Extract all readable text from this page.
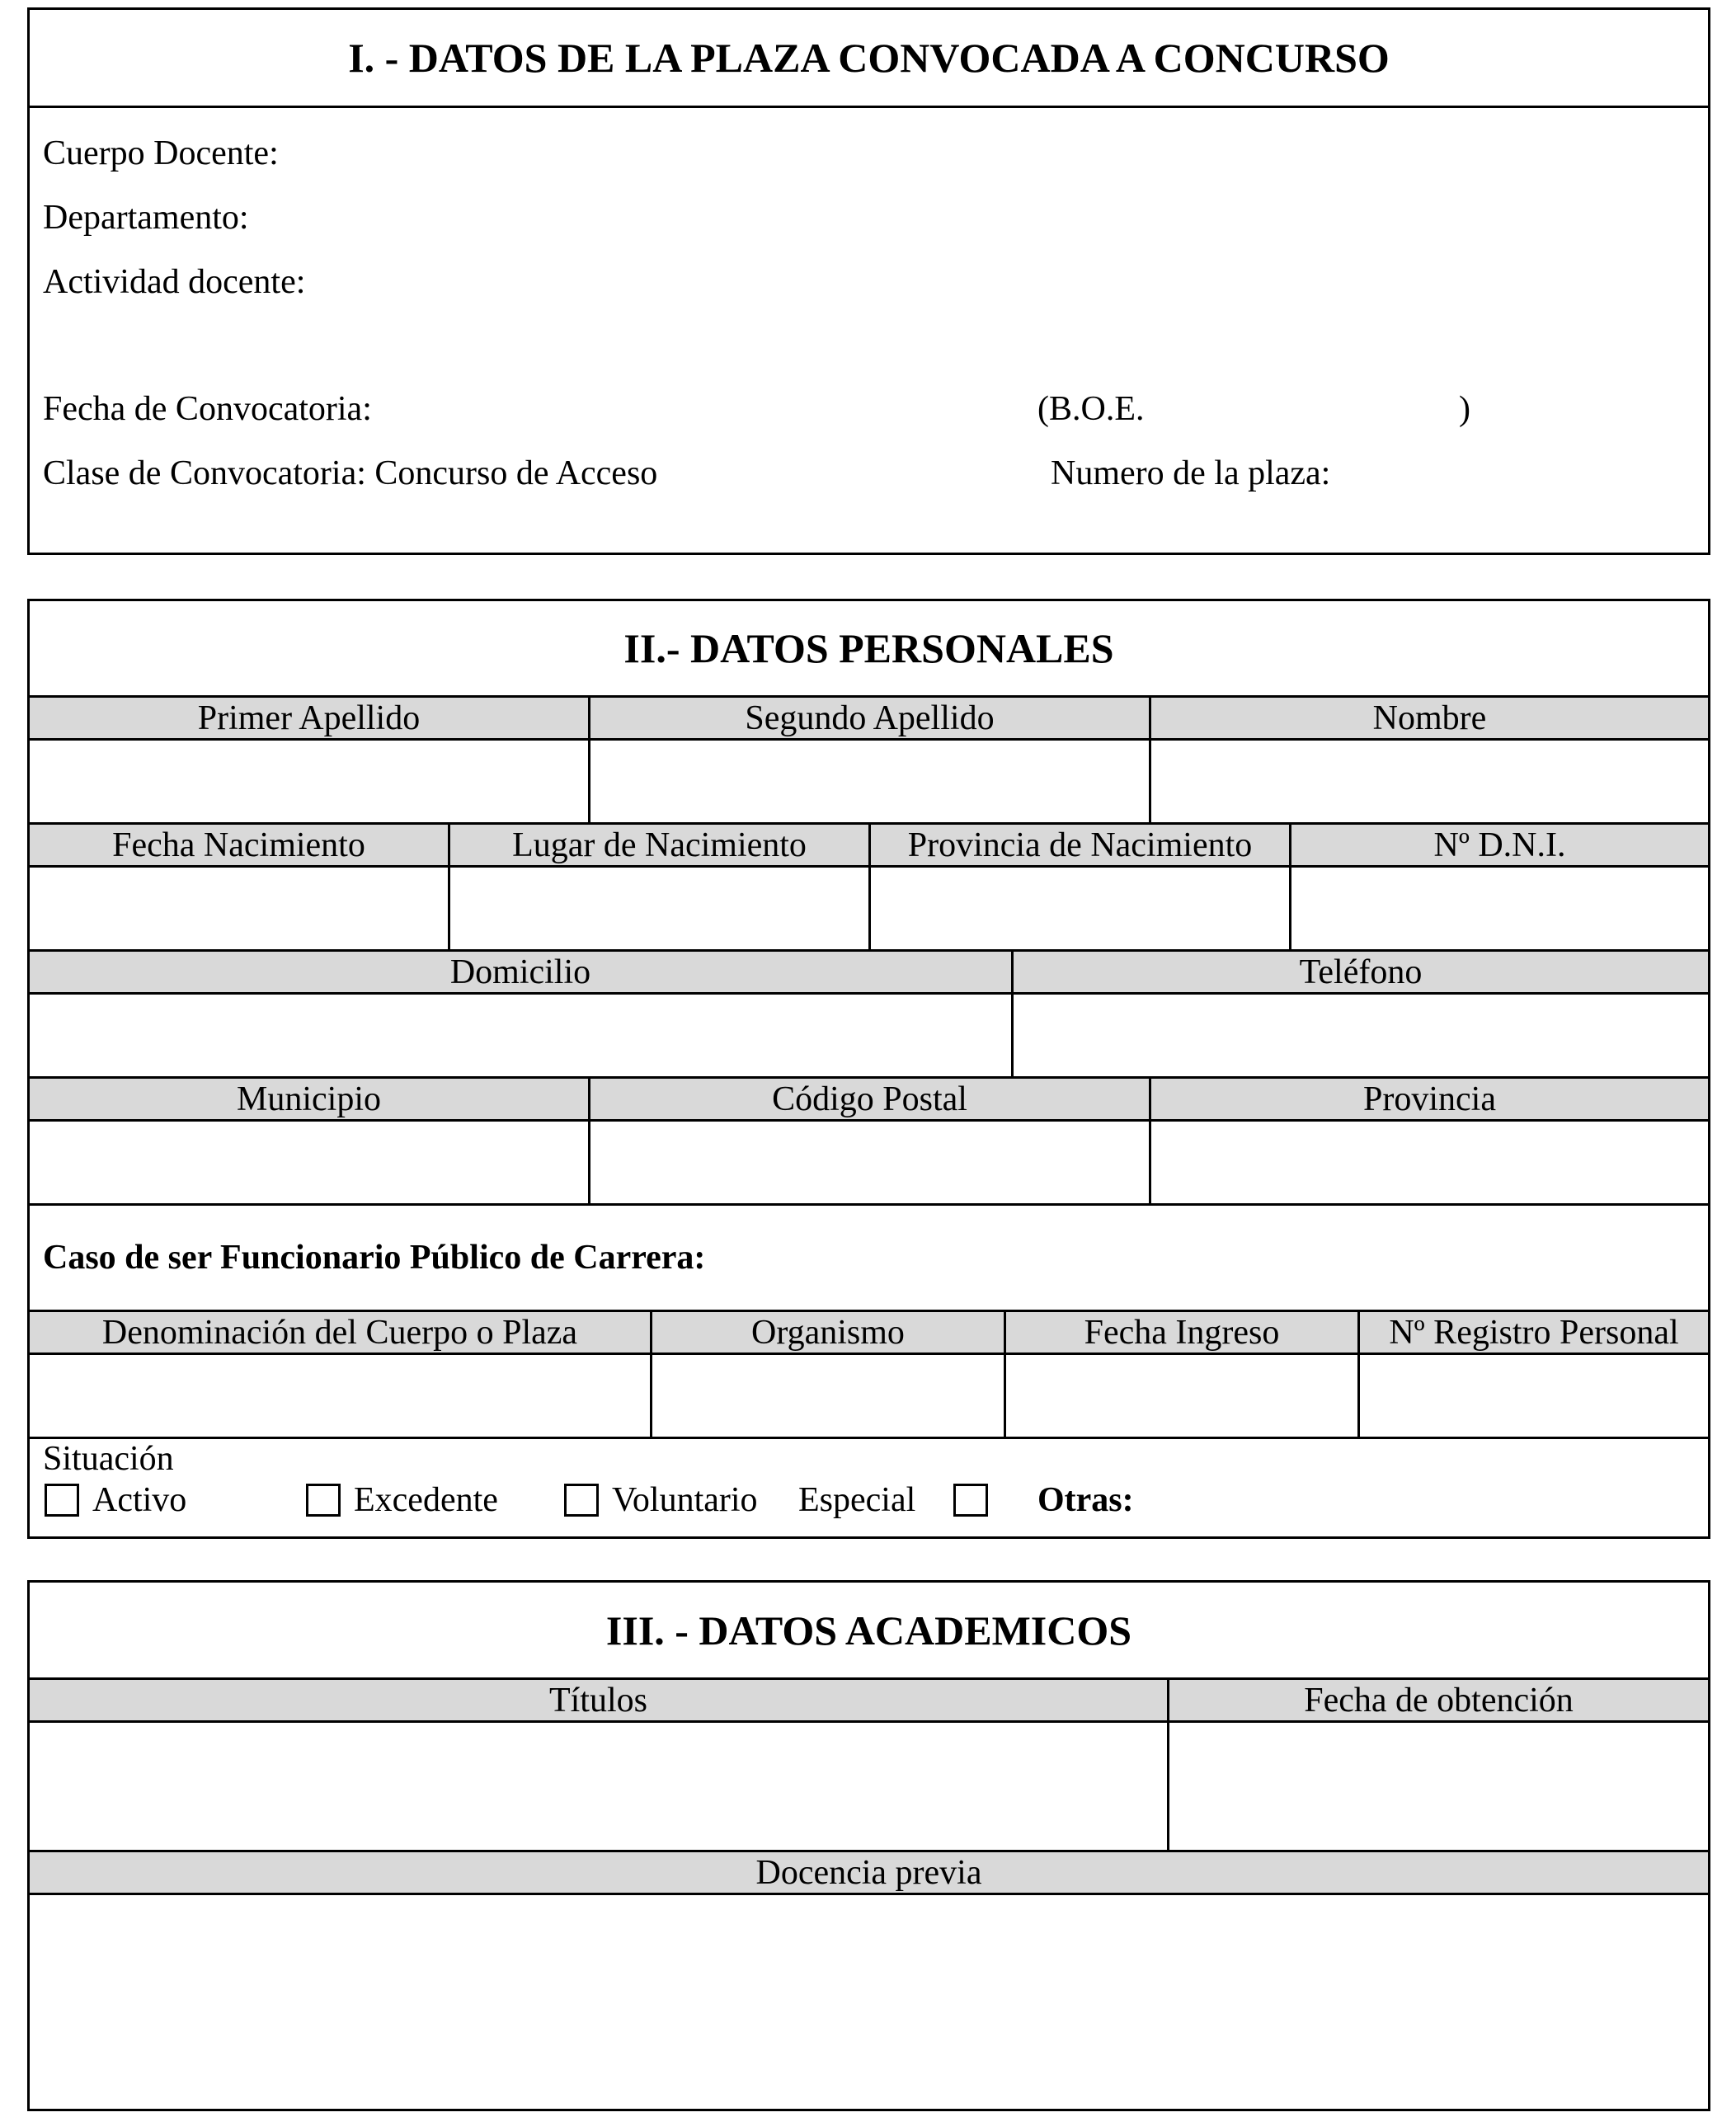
I. - DATOS DE LA PLAZA CONVOCADA A CONCURSO
Cuerpo Docente:
Departamento:
Actividad docente:
Fecha de Convocatoria:	(B.O.E.	)
Clase de Convocatoria: Concurso de Acceso	Numero de la plaza:
II.- DATOS PERSONALES
Primer Apellido	Segundo Apellido	Nombre
Fecha Nacimiento	Lugar de Nacimiento	Provincia de Nacimiento	Nº D.N.I.
Domicilio	Teléfono
Municipio	Código Postal	Provincia
Caso de ser Funcionario Público de Carrera:
Denominación del Cuerpo o Plaza	Organismo	Fecha Ingreso	Nº Registro Personal
Situación
Activo	Excedente	Voluntario Especial	Otras:
III. - DATOS ACADEMICOS
Títulos	Fecha de obtención
Docencia previa
